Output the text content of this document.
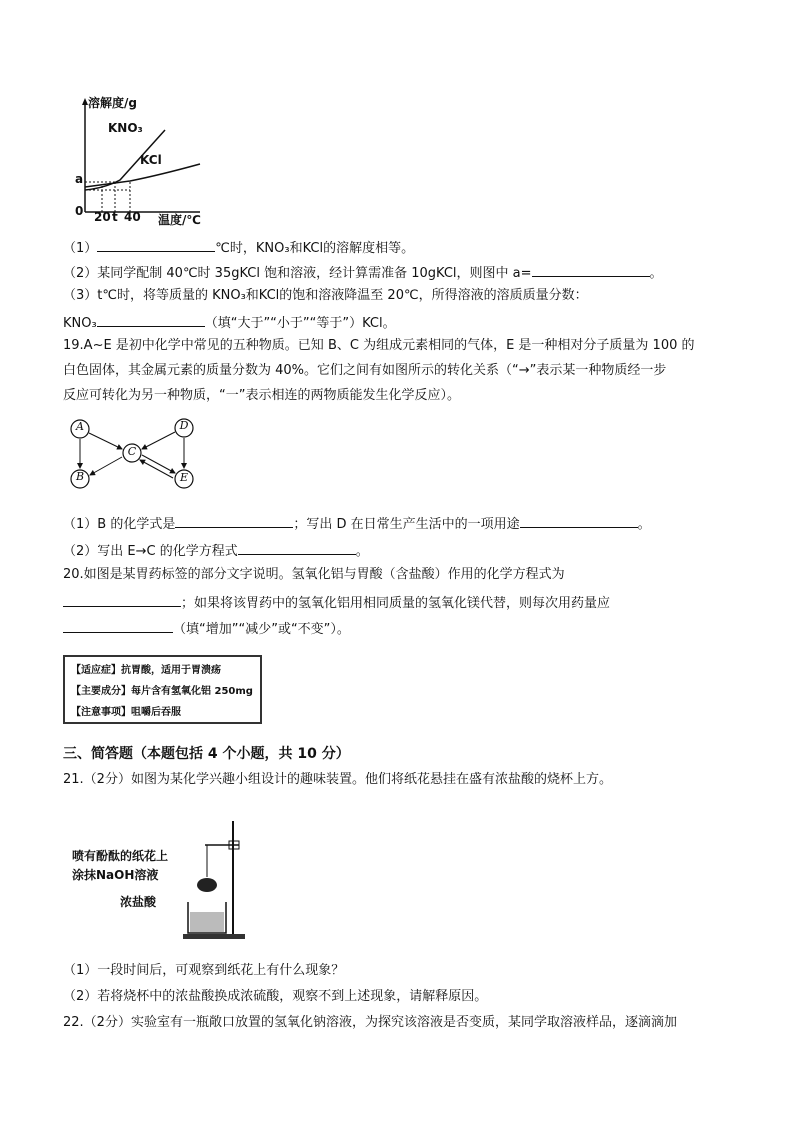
溶解度/g
KNO₃
KCl
a
0 20 t 40 温度/℃
（1）	℃时，KNO₃和KCl的溶解度相等。
（2）某同学配制 40℃时 35gKCl 饱和溶液，经计算需准备 10gKCl，则图中 a=	。
（3）t℃时，将等质量的 KNO₃和KCl的饱和溶液降温至 20℃，所得溶液的溶质质量分数：
KNO₃	（填“大于”“小于”“等于”）KCl。
19.A~E 是初中化学中常见的五种物质。已知 B、C 为组成元素相同的气体，E 是一种相对分子质量为 100 的
白色固体，其金属元素的质量分数为 40%。它们之间有如图所示的转化关系（“→”表示某一种物质经一步
反应可转化为另一种物质，“一”表示相连的两物质能发生化学反应）。
A
B
C
D
E
（1）B 的化学式是	；写出 D 在日常生产生活中的一项用途	。
（2）写出 E→C 的化学方程式	。
20.如图是某胃药标签的部分文字说明。氢氧化铝与胃酸（含盐酸）作用的化学方程式为
；如果将该胃药中的氢氧化铝用相同质量的氢氧化镁代替，则每次用药量应
（填“增加”“减少”或“不变”）。
【适应症】抗胃酸，适用于胃溃疡
【主要成分】每片含有氢氧化铝 250mg
【注意事项】咀嚼后吞服
三、简答题（本题包括 4 个小题，共 10 分）
21.（2分）如图为某化学兴趣小组设计的趣味装置。他们将纸花悬挂在盛有浓盐酸的烧杯上方。
喷有酚酞的纸花上
涂抹NaOH溶液
浓盐酸
（1）一段时间后，可观察到纸花上有什么现象？
（2）若将烧杯中的浓盐酸换成浓硫酸，观察不到上述现象，请解释原因。
22.（2分）实验室有一瓶敞口放置的氢氧化钠溶液，为探究该溶液是否变质，某同学取溶液样品，逐滴滴加
